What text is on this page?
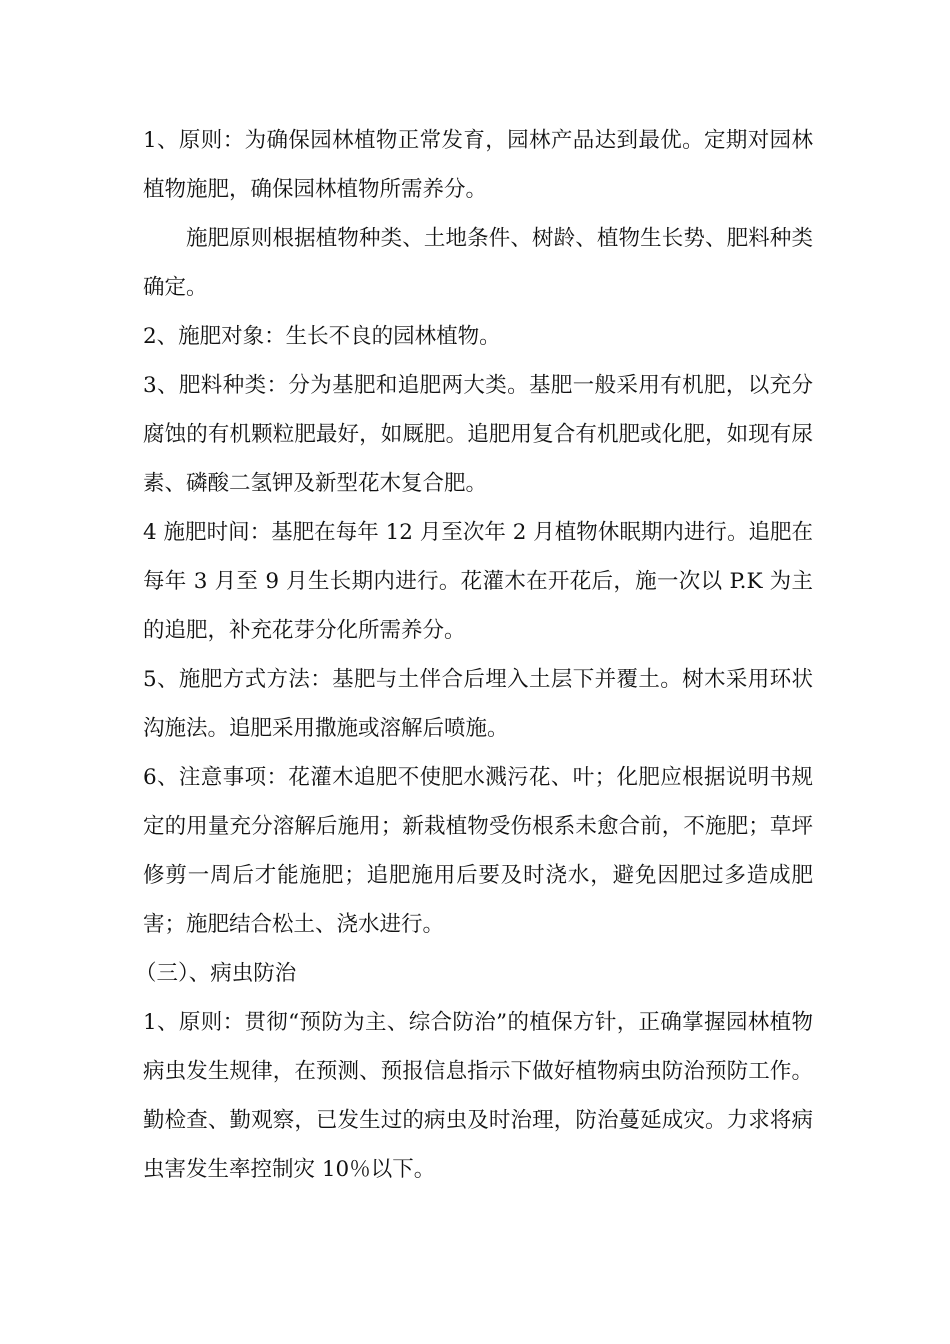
1、原则：为确保园林植物正常发育，园林产品达到最优。定期对园林植物施肥，确保园林植物所需养分。

施肥原则根据植物种类、土地条件、树龄、植物生长势、肥料种类确定。

2、施肥对象：生长不良的园林植物。

3、肥料种类：分为基肥和追肥两大类。基肥一般采用有机肥，以充分腐蚀的有机颗粒肥最好，如厩肥。追肥用复合有机肥或化肥，如现有尿素、磷酸二氢钾及新型花木复合肥。

4 施肥时间：基肥在每年 12 月至次年 2 月植物休眠期内进行。追肥在每年 3 月至 9 月生长期内进行。花灌木在开花后，施一次以 P.K 为主的追肥，补充花芽分化所需养分。

5、施肥方式方法：基肥与土伴合后埋入土层下并覆土。树木采用环状沟施法。追肥采用撒施或溶解后喷施。

6、注意事项：花灌木追肥不使肥水溅污花、叶；化肥应根据说明书规定的用量充分溶解后施用；新栽植物受伤根系未愈合前，不施肥；草坪修剪一周后才能施肥；追肥施用后要及时浇水，避免因肥过多造成肥害；施肥结合松土、浇水进行。

（三）、病虫防治

1、原则：贯彻“预防为主、综合防治”的植保方针，正确掌握园林植物病虫发生规律，在预测、预报信息指示下做好植物病虫防治预防工作。勤检查、勤观察，已发生过的病虫及时治理，防治蔓延成灾。力求将病虫害发生率控制灾 10％以下。
